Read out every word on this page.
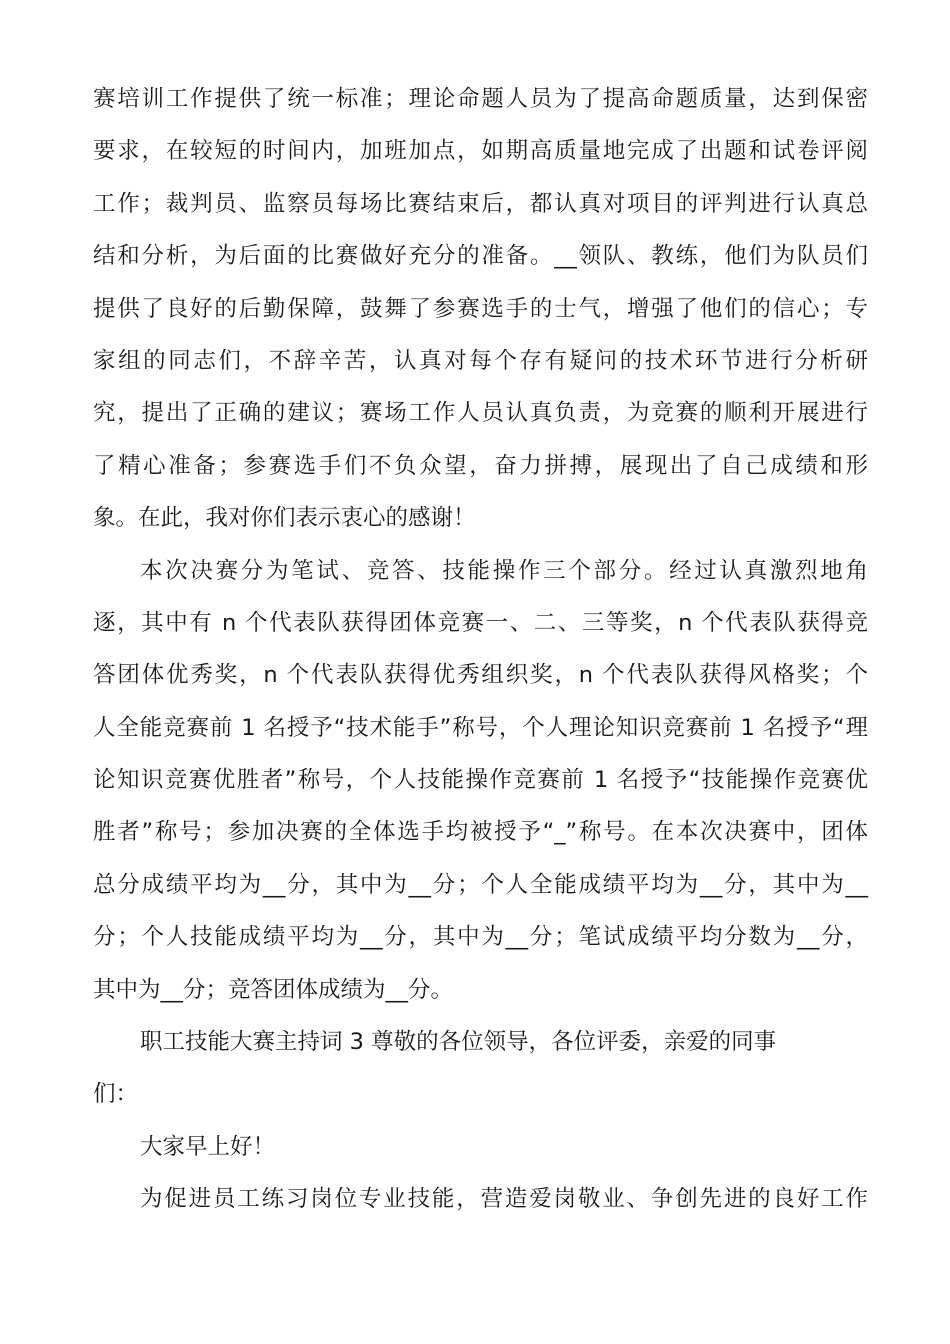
赛培训工作提供了统一标准；理论命题人员为了提高命题质量，达到保密
要求，在较短的时间内，加班加点，如期高质量地完成了出题和试卷评阅
工作；裁判员、监察员每场比赛结束后，都认真对项目的评判进行认真总
结和分析，为后面的比赛做好充分的准备。__领队、教练，他们为队员们
提供了良好的后勤保障，鼓舞了参赛选手的士气，增强了他们的信心；专
家组的同志们，不辞辛苦，认真对每个存有疑问的技术环节进行分析研
究，提出了正确的建议；赛场工作人员认真负责，为竞赛的顺利开展进行
了精心准备；参赛选手们不负众望，奋力拼搏，展现出了自己成绩和形
象。在此，我对你们表示衷心的感谢！
本次决赛分为笔试、竞答、技能操作三个部分。经过认真激烈地角
逐，其中有 n 个代表队获得团体竞赛一、二、三等奖，n 个代表队获得竞
答团体优秀奖，n 个代表队获得优秀组织奖，n 个代表队获得风格奖；个
人全能竞赛前 1 名授予“技术能手”称号，个人理论知识竞赛前 1 名授予“理
论知识竞赛优胜者”称号，个人技能操作竞赛前 1 名授予“技能操作竞赛优
胜者”称号；参加决赛的全体选手均被授予“_”称号。在本次决赛中，团体
总分成绩平均为__分，其中为__分；个人全能成绩平均为__分，其中为__
分；个人技能成绩平均为__分，其中为__分；笔试成绩平均分数为__分，
其中为__分；竞答团体成绩为__分。
职工技能大赛主持词 3 尊敬的各位领导，各位评委，亲爱的同事
们：
大家早上好！
为促进员工练习岗位专业技能，营造爱岗敬业、争创先进的良好工作
